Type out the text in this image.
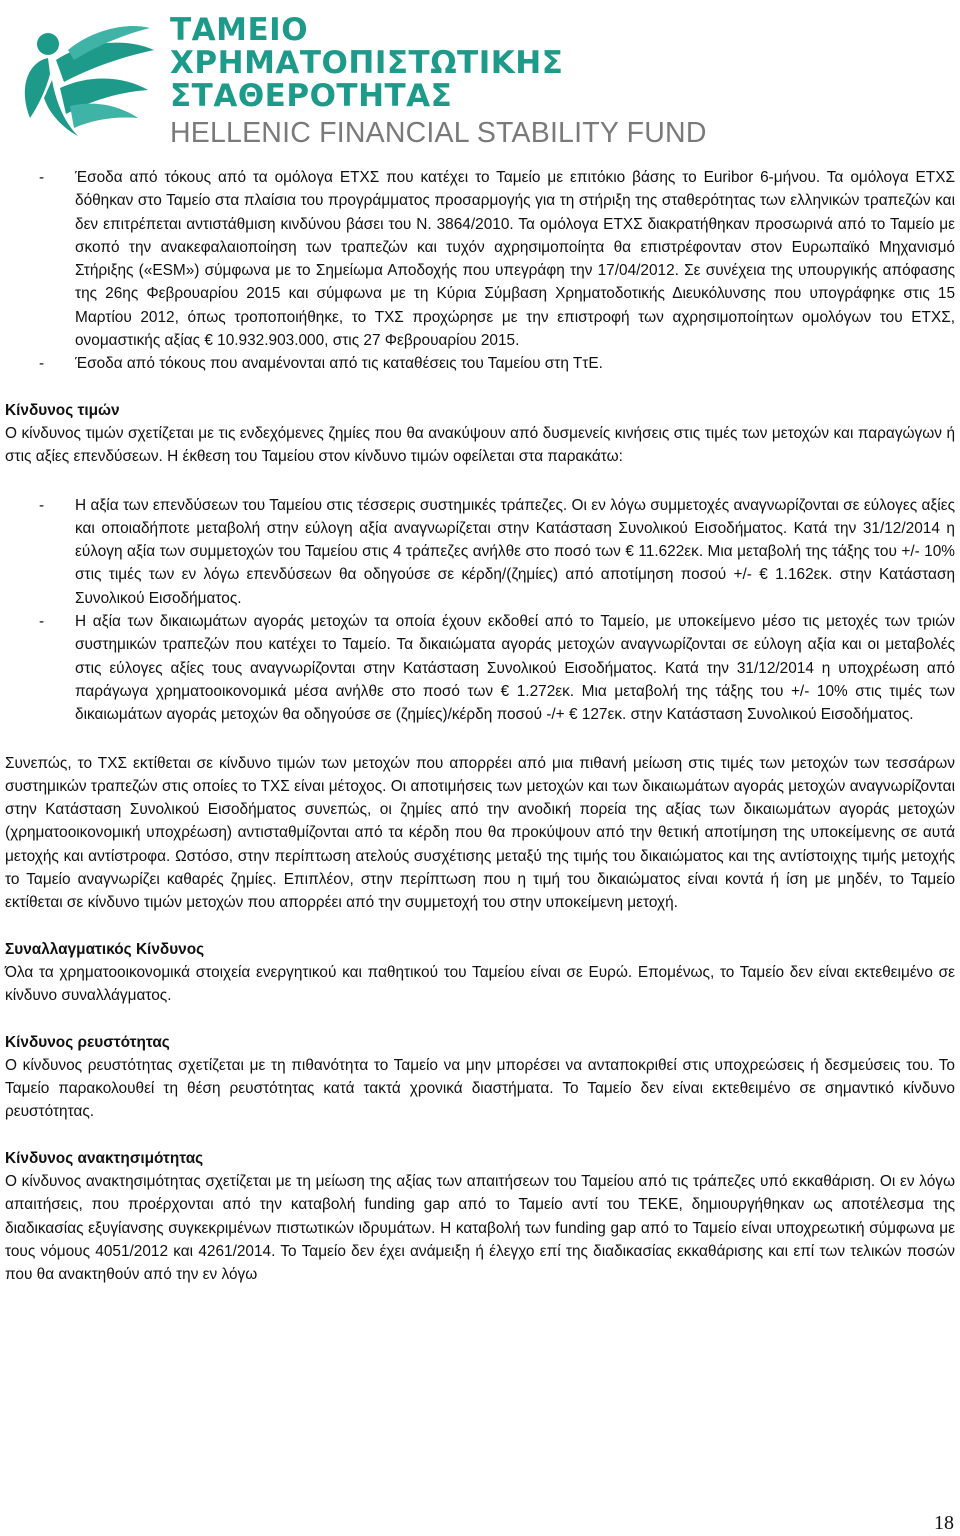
ΤΑΜΕΙΟ
ΧΡΗΜΑΤΟΠΙΣΤΩΤΙΚΗΣ
ΣΤΑΘΕΡΟΤΗΤΑΣ
HELLENIC FINANCIAL STABILITY FUND
-	Έσοδα από τόκους από τα ομόλογα ΕΤΧΣ που κατέχει το Ταμείο με επιτόκιο βάσης το Euribor 6-μήνου. Τα ομόλογα ΕΤΧΣ δόθηκαν στο Ταμείο στα πλαίσια του προγράμματος προσαρμογής για τη στήριξη της σταθερότητας των ελληνικών τραπεζών και δεν επιτρέπεται αντιστάθμιση κινδύνου βάσει του Ν. 3864/2010. Τα ομόλογα ΕΤΧΣ διακρατήθηκαν προσωρινά από το Ταμείο με σκοπό την ανακεφαλαιοποίηση των τραπεζών και τυχόν αχρησιμοποίητα θα επιστρέφονταν στον Ευρωπαϊκό Μηχανισμό Στήριξης («ESM») σύμφωνα με το Σημείωμα Αποδοχής που υπεγράφη την 17/04/2012. Σε συνέχεια της υπουργικής απόφασης της 26ης Φεβρουαρίου 2015 και σύμφωνα με τη Κύρια Σύμβαση Χρηματοδοτικής Διευκόλυνσης που υπογράφηκε στις 15 Μαρτίου 2012, όπως τροποποιήθηκε, το ΤΧΣ προχώρησε με την επιστροφή των αχρησιμοποίητων ομολόγων του ΕΤΧΣ, ονομαστικής αξίας € 10.932.903.000, στις 27 Φεβρουαρίου 2015.
-	Έσοδα από τόκους που αναμένονται από τις καταθέσεις του Ταμείου στη ΤτΕ.

Κίνδυνος τιμών

Ο κίνδυνος τιμών σχετίζεται με τις ενδεχόμενες ζημίες που θα ανακύψουν από δυσμενείς κινήσεις στις τιμές των μετοχών και παραγώγων ή στις αξίες επενδύσεων. Η έκθεση του Ταμείου στον κίνδυνο τιμών οφείλεται στα παρακάτω:

-	Η αξία των επενδύσεων του Ταμείου στις τέσσερις συστημικές τράπεζες. Οι εν λόγω συμμετοχές αναγνωρίζονται σε εύλογες αξίες και οποιαδήποτε μεταβολή στην εύλογη αξία αναγνωρίζεται στην Κατάσταση Συνολικού Εισοδήματος. Κατά την 31/12/2014 η εύλογη αξία των συμμετοχών του Ταμείου στις 4 τράπεζες ανήλθε στο ποσό των € 11.622εκ. Μια μεταβολή της τάξης του +/- 10% στις τιμές των εν λόγω επενδύσεων θα οδηγούσε σε κέρδη/(ζημίες) από αποτίμηση ποσού +/- € 1.162εκ. στην Κατάσταση Συνολικού Εισοδήματος.
-	Η αξία των δικαιωμάτων αγοράς μετοχών τα οποία έχουν εκδοθεί από το Ταμείο, με υποκείμενο μέσο τις μετοχές των τριών συστημικών τραπεζών που κατέχει το Ταμείο. Τα δικαιώματα αγοράς μετοχών αναγνωρίζονται σε εύλογη αξία και οι μεταβολές στις εύλογες αξίες τους αναγνωρίζονται στην Κατάσταση Συνολικού Εισοδήματος. Κατά την 31/12/2014 η υποχρέωση από παράγωγα χρηματοοικονομικά μέσα ανήλθε στο ποσό των € 1.272εκ. Μια μεταβολή της τάξης του +/- 10% στις τιμές των δικαιωμάτων αγοράς μετοχών θα οδηγούσε σε (ζημίες)/κέρδη ποσού -/+ € 127εκ. στην Κατάσταση Συνολικού Εισοδήματος.

Συνεπώς, το ΤΧΣ εκτίθεται σε κίνδυνο τιμών των μετοχών που απορρέει από μια πιθανή μείωση στις τιμές των μετοχών των τεσσάρων συστημικών τραπεζών στις οποίες το ΤΧΣ είναι μέτοχος. Οι αποτιμήσεις των μετοχών και των δικαιωμάτων αγοράς μετοχών αναγνωρίζονται στην Κατάσταση Συνολικού Εισοδήματος συνεπώς, οι ζημίες από την ανοδική πορεία της αξίας των δικαιωμάτων αγοράς μετοχών (χρηματοοικονομική υποχρέωση) αντισταθμίζονται από τα κέρδη που θα προκύψουν από την θετική αποτίμηση της υποκείμενης σε αυτά μετοχής και αντίστροφα. Ωστόσο, στην περίπτωση ατελούς συσχέτισης μεταξύ της τιμής του δικαιώματος και της αντίστοιχης τιμής μετοχής το Ταμείο αναγνωρίζει καθαρές ζημίες. Επιπλέον, στην περίπτωση που η τιμή του δικαιώματος είναι κοντά ή ίση με μηδέν, το Ταμείο εκτίθεται σε κίνδυνο τιμών μετοχών που απορρέει από την συμμετοχή του στην υποκείμενη μετοχή.

Συναλλαγματικός Κίνδυνος

Όλα τα χρηματοοικονομικά στοιχεία ενεργητικού και παθητικού του Ταμείου είναι σε Ευρώ. Επομένως, το Ταμείο δεν είναι εκτεθειμένο σε κίνδυνο συναλλάγματος.

Κίνδυνος ρευστότητας

Ο κίνδυνος ρευστότητας σχετίζεται με τη πιθανότητα το Ταμείο να μην μπορέσει να ανταποκριθεί στις υποχρεώσεις ή δεσμεύσεις του. Το Ταμείο παρακολουθεί τη θέση ρευστότητας κατά τακτά χρονικά διαστήματα. Το Ταμείο δεν είναι εκτεθειμένο σε σημαντικό κίνδυνο ρευστότητας.

Κίνδυνος ανακτησιμότητας

Ο κίνδυνος ανακτησιμότητας σχετίζεται με τη μείωση της αξίας των απαιτήσεων του Ταμείου από τις τράπεζες υπό εκκαθάριση. Οι εν λόγω απαιτήσεις, που προέρχονται από την καταβολή funding gap από το Ταμείο αντί του ΤΕΚΕ, δημιουργήθηκαν ως αποτέλεσμα της διαδικασίας εξυγίανσης συγκεκριμένων πιστωτικών ιδρυμάτων. Η καταβολή των funding gap από το Ταμείο είναι υποχρεωτική σύμφωνα με τους νόμους 4051/2012 και 4261/2014. Το Ταμείο δεν έχει ανάμειξη ή έλεγχο επί της διαδικασίας εκκαθάρισης και επί των τελικών ποσών που θα ανακτηθούν από την εν λόγω

18
